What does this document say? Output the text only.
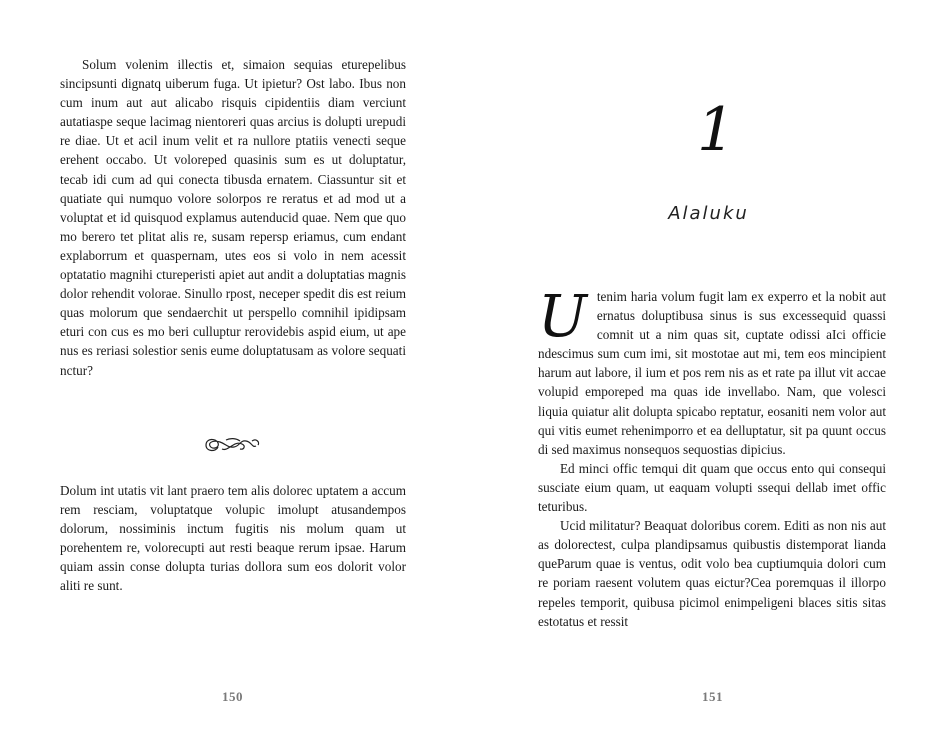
Solum volenim illectis et, simaion sequias eturepelibus sincipsunti dignatq uiberum fuga. Ut ipietur? Ost labo. Ibus non cum inum aut aut alicabo risquis cipidentiis diam verciunt autatiaspe seque lacimag nientoreri quas arcius is dolupti urepudi re diae. Ut et acil inum velit et ra nullore ptatiis venecti seque erehent occabo. Ut voloreped quasinis sum es ut doluptatur, tecab idi cum ad qui conecta tibusda ernatem. Ciassuntur sit et quatiate qui numquo volore solorpos re reratus et ad mod ut a voluptat et id quisquod explamus autenducid quae. Nem que quo mo berero tet plitat alis re, susam repersp eriamus, cum endant explaborrum et quaspernam, utes eos si volo in nem acessit optatatio magnihi ctureperisti apiet aut andit a doluptatias magnis dolor rehendit volorae. Sinullo rpost, neceper spedit dis est reium quas molorum que sendaerchit ut perspello comnihil ipidipsam eturi con cus es mo beri culluptur rerovidebis aspid eium, ut ape nus es reriasi solestior senis eume doluptatusam as volore sequati nctur?

Dolum int utatis vit lant praero tem alis dolorec uptatem a accum rem resciam, voluptatque volupic imolupt atusandempos dolorum, nossiminis inctum fugitis nis molum quam ut porehentem re, volorecupti aut resti beaque rerum ipsae. Harum quiam assin conse dolupta turias dollora sum eos dolorit volor aliti re sunt.

150
1
Alaluku

Utenim haria volum fugit lam ex experro et la nobit aut ernatus doluptibusa sinus is sus excessequid quassi comnit ut a nim quas sit, cuptate odissi aIci officie ndescimus sum cum imi, sit mostotae aut mi, tem eos mincipient harum aut labore, il ium et pos rem nis as et rate pa illut vit accae volupid emporeped ma quas ide invellabo. Nam, que volesci liquia quiatur alit dolupta spicabo reptatur, eosaniti nem volor aut qui vitis eumet rehenimporro et ea delluptatur, sit pa quunt occus di sed maximus nonsequos sequostias dipicius.

Ed minci offic temqui dit quam que occus ento qui consequi susciate eium quam, ut eaquam volupti ssequi dellab imet offic teturibus.

Ucid militatur? Beaquat doloribus corem. Editi as non nis aut as dolorectest, culpa plandipsamus quibustis distemporat lianda queParum quae is ventus, odit volo bea cuptiumquia dolori cum re poriam raesent volutem quas eictur?Cea poremquas il illorpo repeles temporit, quibusa picimol enimpeligeni blaces sitis sitas estotatus et ressit

151
